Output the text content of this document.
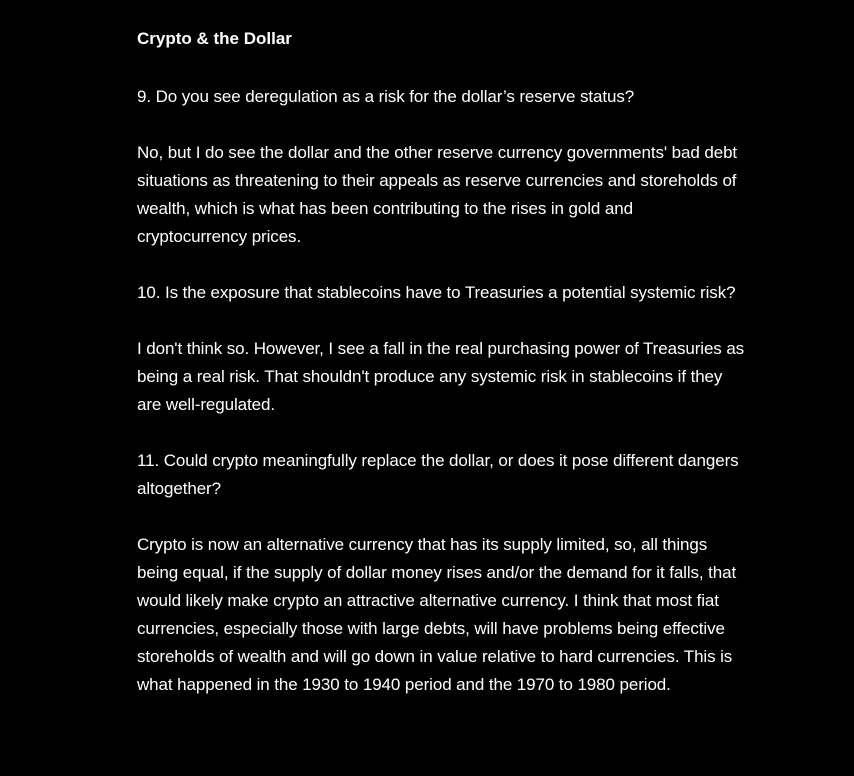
Crypto & the Dollar

9. Do you see deregulation as a risk for the dollar’s reserve status?

No, but I do see the dollar and the other reserve currency governments' bad debt situations as threatening to their appeals as reserve currencies and storeholds of wealth, which is what has been contributing to the rises in gold and cryptocurrency prices.

10. Is the exposure that stablecoins have to Treasuries a potential systemic risk?

I don't think so. However, I see a fall in the real purchasing power of Treasuries as being a real risk. That shouldn't produce any systemic risk in stablecoins if they are well-regulated.

11. Could crypto meaningfully replace the dollar, or does it pose different dangers altogether?

Crypto is now an alternative currency that has its supply limited, so, all things being equal, if the supply of dollar money rises and/or the demand for it falls, that would likely make crypto an attractive alternative currency. I think that most fiat currencies, especially those with large debts, will have problems being effective storeholds of wealth and will go down in value relative to hard currencies. This is what happened in the 1930 to 1940 period and the 1970 to 1980 period.
